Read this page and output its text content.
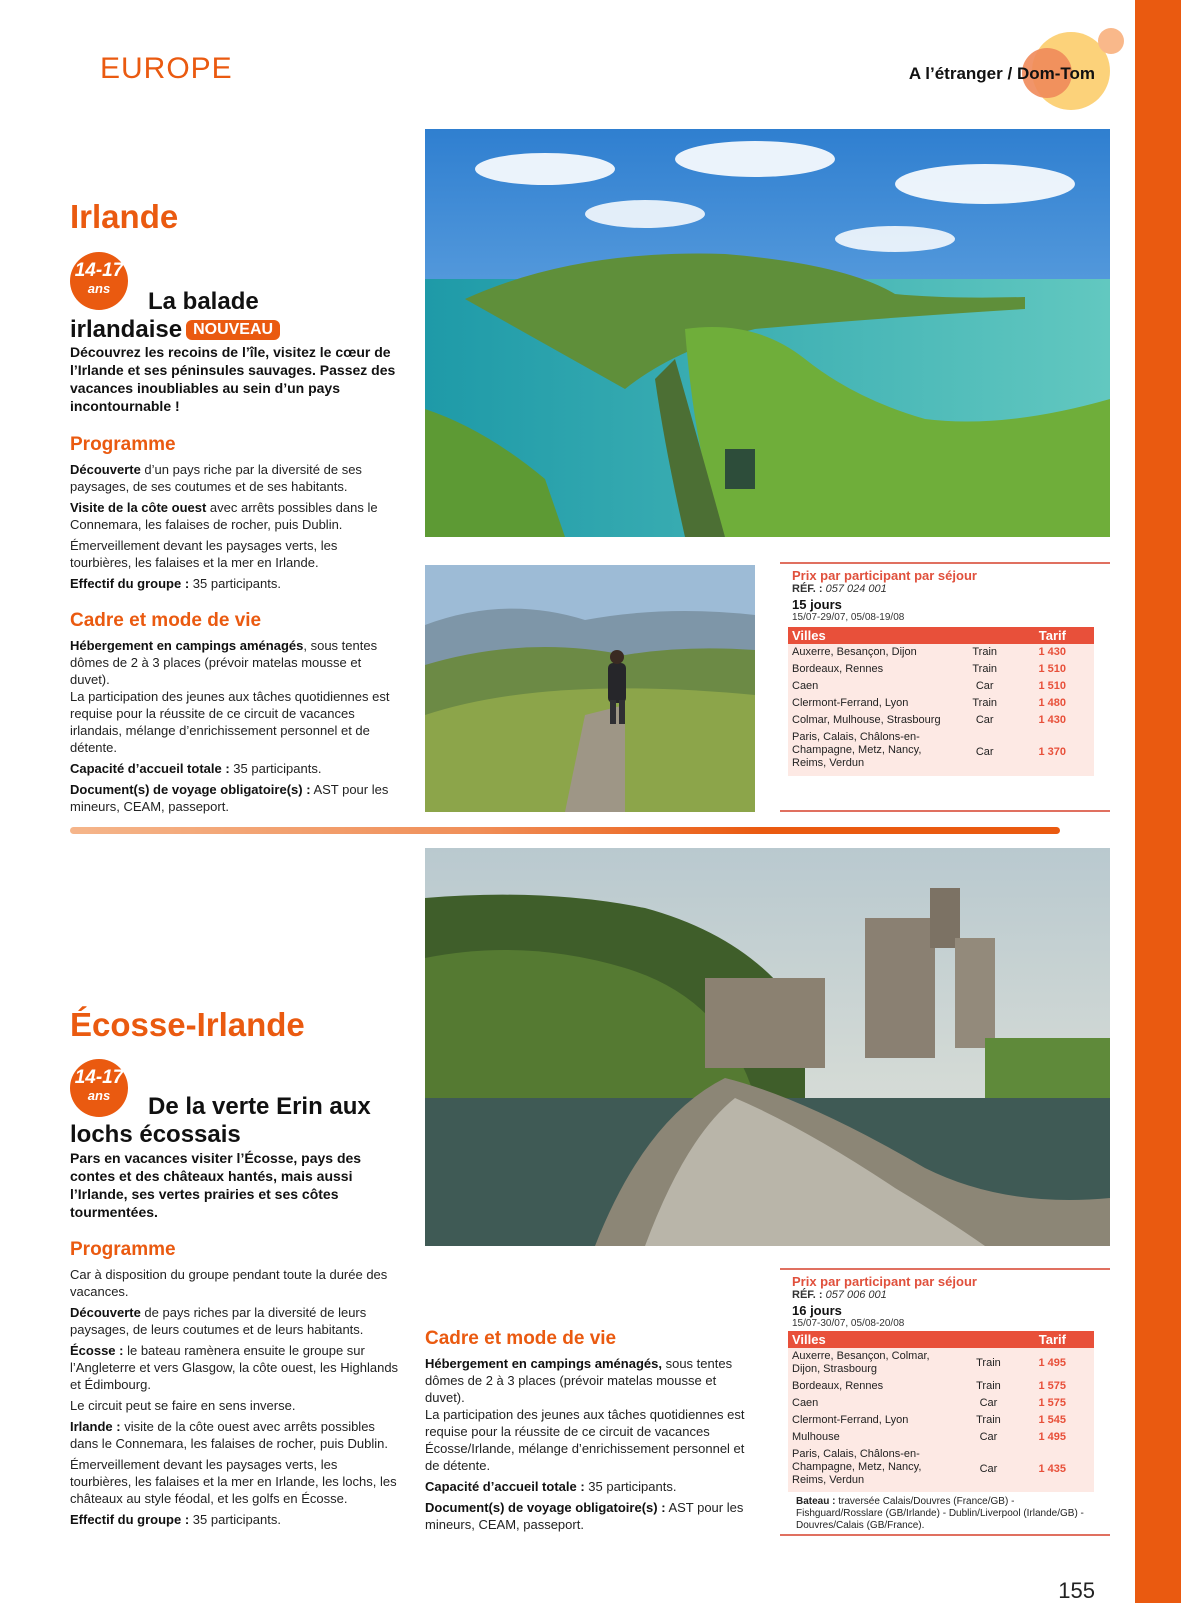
EUROPE	A l’étranger / Dom-Tom
Irlande
14-17
ans	La balade
irlandaise NOUVEAU
Découvrez les recoins de l’île, visitez le cœur de l’Irlande et ses péninsules sauvages. Passez des vacances inoubliables au sein d’un pays incontournable !
Programme

Découverte d’un pays riche par la diversité de ses paysages, de ses coutumes et de ses habitants.

Visite de la côte ouest avec arrêts possibles dans le Connemara, les falaises de rocher, puis Dublin.

Émerveillement devant les paysages verts, les tourbières, les falaises et la mer en Irlande.

Effectif du groupe : 35 participants.

Cadre et mode de vie

Hébergement en campings aménagés, sous tentes dômes de 2 à 3 places (prévoir matelas mousse et duvet).

La participation des jeunes aux tâches quotidiennes est requise pour la réussite de ce circuit de vacances irlandais, mélange d’enrichissement personnel et de détente.

Capacité d’accueil totale : 35 participants.

Document(s) de voyage obligatoire(s) : AST pour les mineurs, CEAM, passeport.

Prix par participant par séjour
RÉF. : 057 024 001
15 jours
15/07-29/07, 05/08-19/08
Villes		Tarif
Auxerre, Besançon, Dijon	Train	1 430
Bordeaux, Rennes	Train	1 510
Caen	Car	1 510
Clermont-Ferrand, Lyon	Train	1 480
Colmar, Mulhouse, Strasbourg	Car	1 430
Paris, Calais, Châlons-en-Champagne, Metz, Nancy, Reims, Verdun	Car	1 370
Écosse-Irlande
14-17
ans	De la verte Erin aux
lochs écossais
Pars en vacances visiter l’Écosse, pays des contes et des châteaux hantés, mais aussi l’Irlande, ses vertes prairies et ses côtes tourmentées.
Programme

Car à disposition du groupe pendant toute la durée des vacances.

Découverte de pays riches par la diversité de leurs paysages, de leurs coutumes et de leurs habitants.

Écosse : le bateau ramènera ensuite le groupe sur l’Angleterre et vers Glasgow, la côte ouest, les Highlands et Édimbourg.

Le circuit peut se faire en sens inverse.

Irlande : visite de la côte ouest avec arrêts possibles dans le Connemara, les falaises de rocher, puis Dublin.

Émerveillement devant les paysages verts, les tourbières, les falaises et la mer en Irlande, les lochs, les châteaux au style féodal, et les golfs en Écosse.

Effectif du groupe : 35 participants.

Cadre et mode de vie

Hébergement en campings aménagés, sous tentes dômes de 2 à 3 places (prévoir matelas mousse et duvet).

La participation des jeunes aux tâches quotidiennes est requise pour la réussite de ce circuit de vacances Écosse/Irlande, mélange d’enrichissement personnel et de détente.

Capacité d’accueil totale : 35 participants.

Document(s) de voyage obligatoire(s) : AST pour les mineurs, CEAM, passeport.

Prix par participant par séjour
RÉF. : 057 006 001
16 jours
15/07-30/07, 05/08-20/08
Villes		Tarif
Auxerre, Besançon, Colmar, Dijon, Strasbourg	Train	1 495
Bordeaux, Rennes	Train	1 575
Caen	Car	1 575
Clermont-Ferrand, Lyon	Train	1 545
Mulhouse	Car	1 495
Paris, Calais, Châlons-en-Champagne, Metz, Nancy, Reims, Verdun	Car	1 435
Bateau : traversée Calais/Douvres (France/GB) - Fishguard/Rosslare (GB/Irlande) - Dublin/Liverpool (Irlande/GB) - Douvres/Calais (GB/France).
155
